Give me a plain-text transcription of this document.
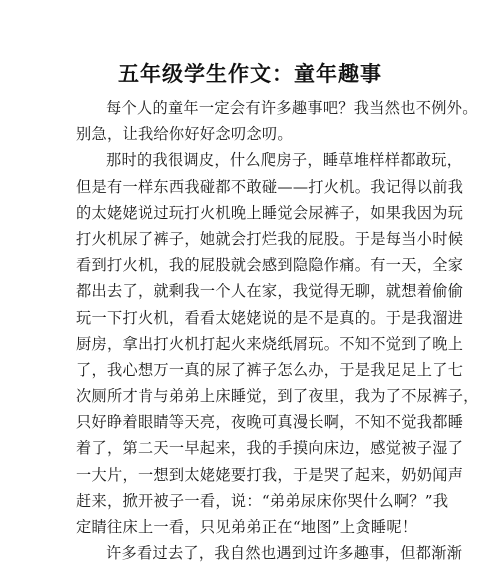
五年级学生作文：童年趣事
每个人的童年一定会有许多趣事吧？我当然也不例外。
别急，让我给你好好念叨念叨。
那时的我很调皮，什么爬房子，睡草堆样样都敢玩，
但是有一样东西我碰都不敢碰——打火机。我记得以前我
的太姥姥说过玩打火机晚上睡觉会尿裤子，如果我因为玩
打火机尿了裤子，她就会打烂我的屁股。于是每当小时候
看到打火机，我的屁股就会感到隐隐作痛。有一天，全家
都出去了，就剩我一个人在家，我觉得无聊，就想着偷偷
玩一下打火机，看看太姥姥说的是不是真的。于是我溜进
厨房，拿出打火机打起火来烧纸屑玩。不知不觉到了晚上
了，我心想万一真的尿了裤子怎么办，于是我足足上了七
次厕所才肯与弟弟上床睡觉，到了夜里，我为了不尿裤子，
只好睁着眼睛等天亮，夜晚可真漫长啊，不知不觉我都睡
着了，第二天一早起来，我的手摸向床边，感觉被子湿了
一大片，一想到太姥姥要打我，于是哭了起来，奶奶闻声
赶来，掀开被子一看，说：“弟弟尿床你哭什么啊？”我
定睛往床上一看，只见弟弟正在“地图”上贪睡呢！
许多看过去了，我自然也遇到过许多趣事，但都渐渐
